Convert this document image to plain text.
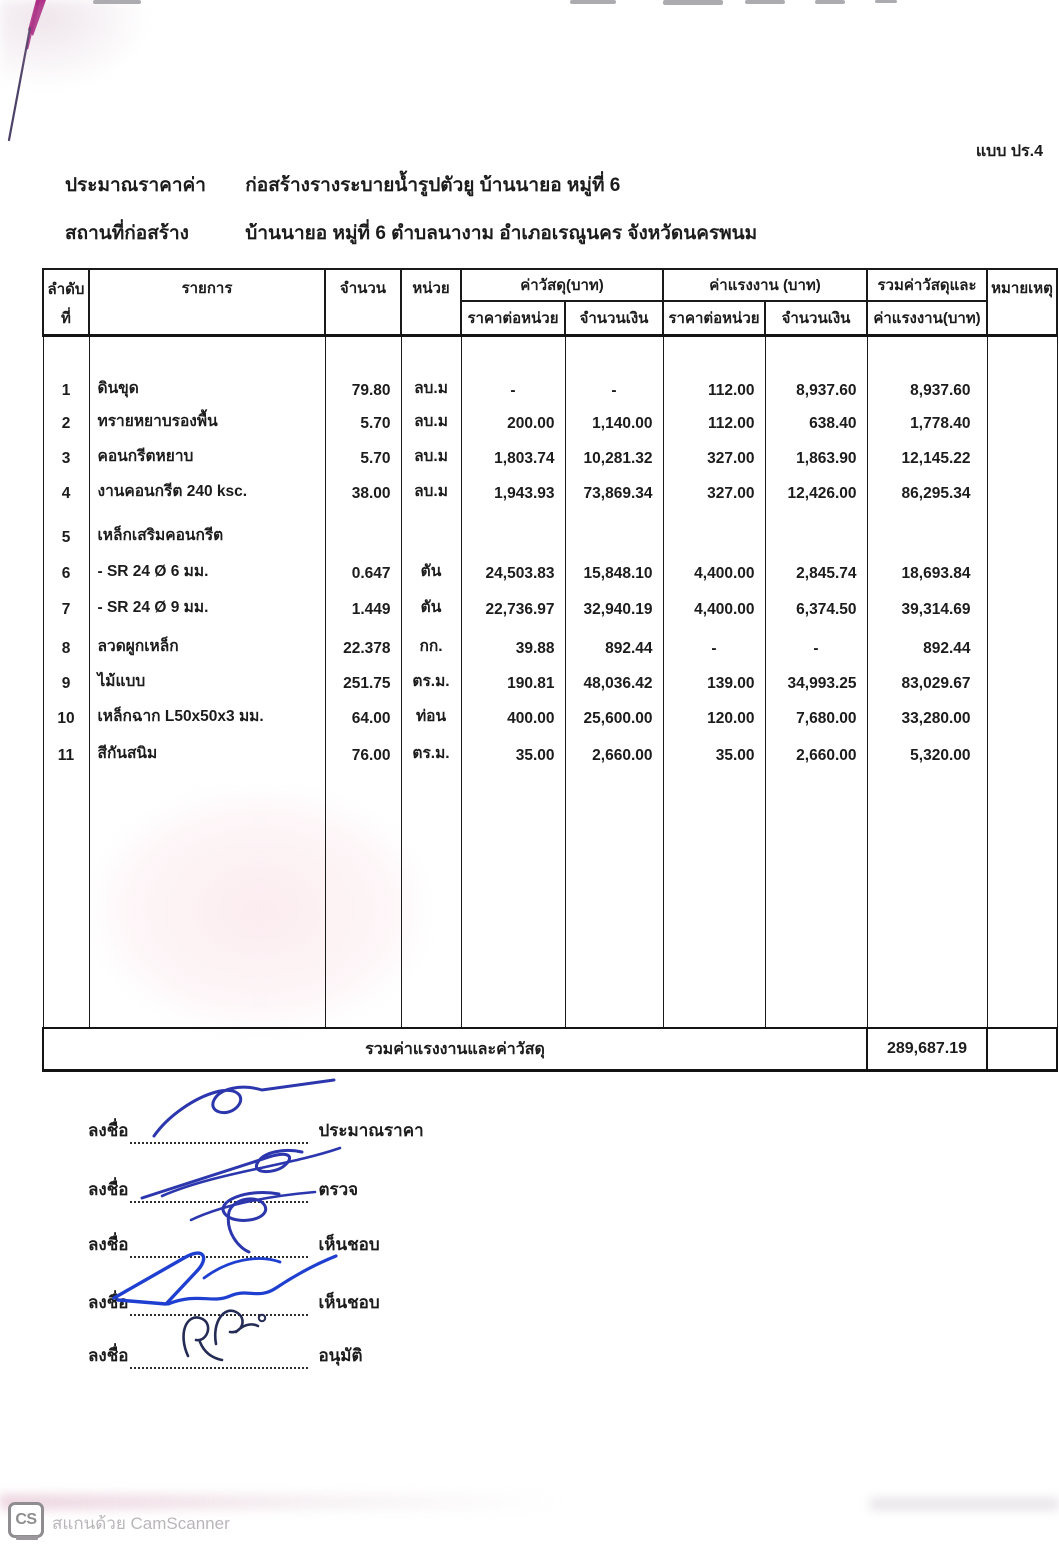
แบบ ปร.4
ประมาณราคาค่า ก่อสร้างรางระบายน้ำรูปตัวยู บ้านนายอ หมู่ที่ 6
สถานที่ก่อสร้าง	บ้านนายอ หมู่ที่ 6 ตำบลนางาม อำเภอเรณูนคร จังหวัดนครพนม
ลำดับ
ที่	รายการ	จำนวน	หน่วย	ค่าวัสดุ(บาท)		ค่าแรงงาน (บาท)		รวมค่าวัสดุและ	หมายเหตุ
				ราคาต่อหน่วย	จำนวนเงิน	ราคาต่อหน่วย	จำนวนเงิน	ค่าแรงงาน(บาท)	
1	ดินขุด	79.80	ลบ.ม	-	-	112.00	8,937.60	8,937.60	
2	ทรายหยาบรองพื้น	5.70	ลบ.ม	200.00	1,140.00	112.00	638.40	1,778.40	
3	คอนกรีตหยาบ	5.70	ลบ.ม	1,803.74	10,281.32	327.00	1,863.90	12,145.22	
4	งานคอนกรีต 240 ksc.	38.00	ลบ.ม	1,943.93	73,869.34	327.00	12,426.00	86,295.34	
5	เหล็กเสริมคอนกรีต								
6	- SR 24 Ø 6 มม.	0.647	ตัน	24,503.83	15,848.10	4,400.00	2,845.74	18,693.84	
7	- SR 24 Ø 9 มม.	1.449	ตัน	22,736.97	32,940.19	4,400.00	6,374.50	39,314.69	
8	ลวดผูกเหล็ก	22.378	กก.	39.88	892.44	-	-	892.44	
9	ไม้แบบ	251.75	ตร.ม.	190.81	48,036.42	139.00	34,993.25	83,029.67	
10	เหล็กฉาก L50x50x3 มม.	64.00	ท่อน	400.00	25,600.00	120.00	7,680.00	33,280.00	
11	สีกันสนิม	76.00	ตร.ม.	35.00	2,660.00	35.00	2,660.00	5,320.00	

รวมค่าแรงงานและค่าวัสดุ								289,687.19	
ลงชื่อ	ประมาณราคา
ลงชื่อ	ตรวจ
ลงชื่อ	เห็นชอบ
ลงชื่อ	เห็นชอบ
ลงชื่อ	อนุมัติ
CS สแกนด้วย CamScanner
